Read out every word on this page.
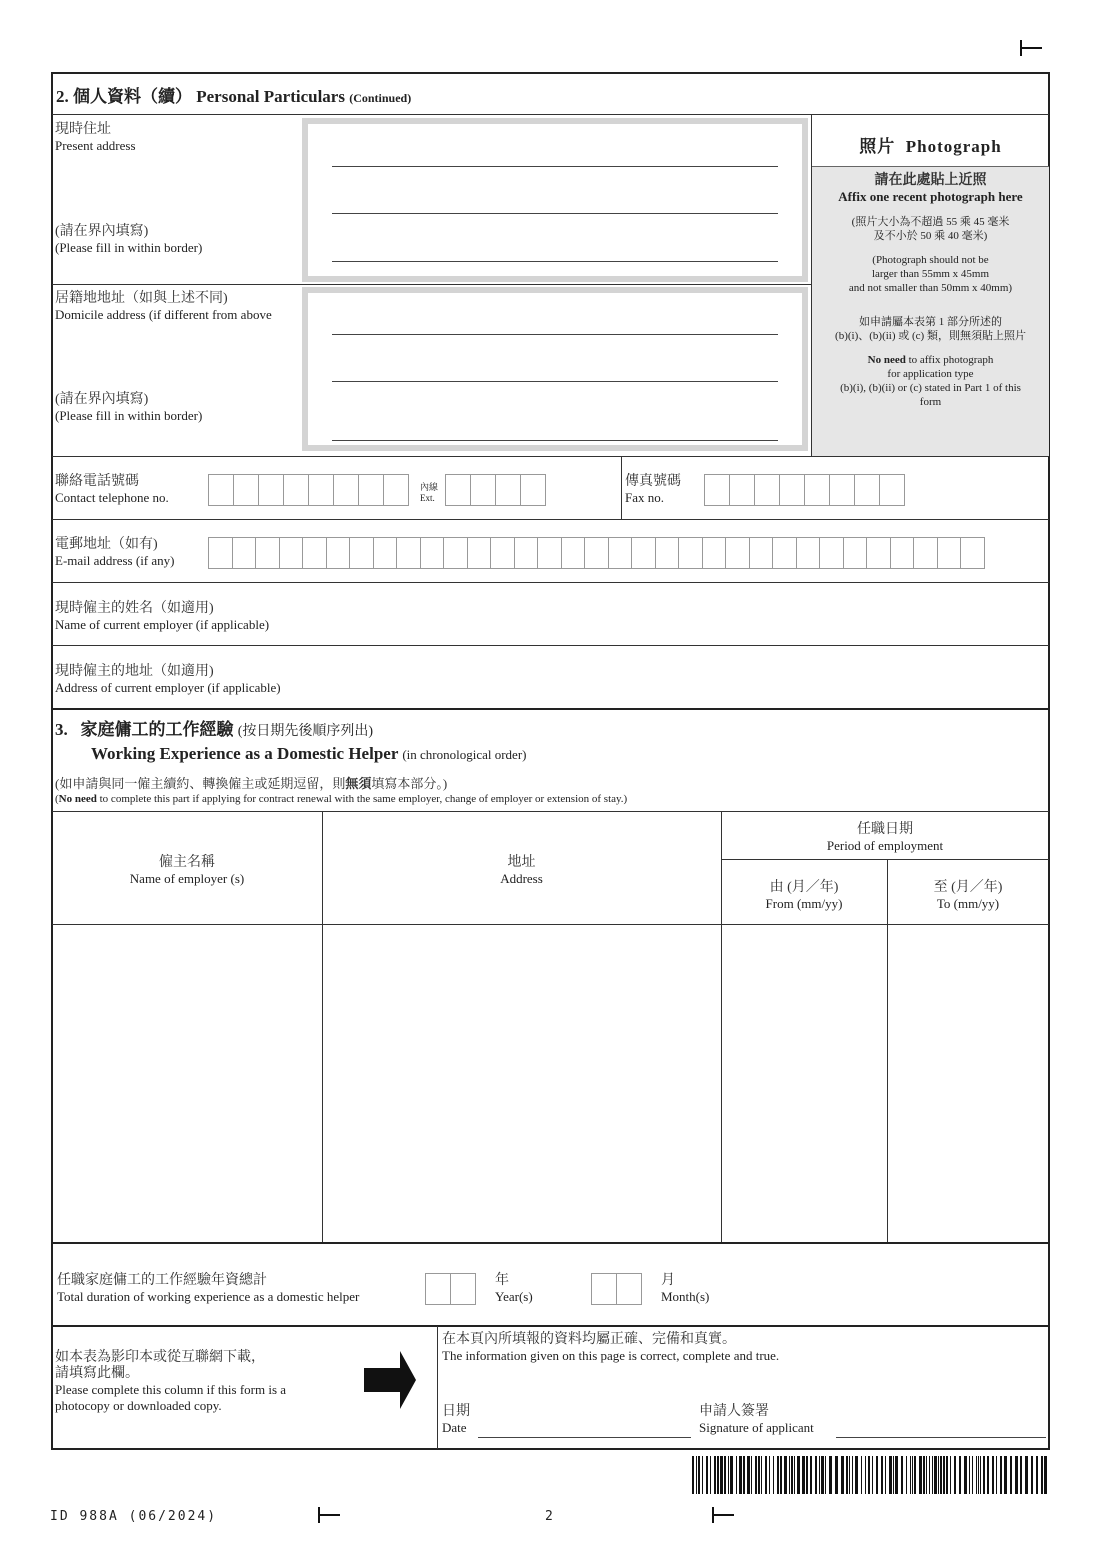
2. 個人資料（續） Personal Particulars (Continued)
現時住址
Present address
(請在界內填寫)
(Please fill in within border)
居籍地地址（如與上述不同)
Domicile address (if different from above
(請在界內填寫)
(Please fill in within border)
照片 Photograph
請在此處貼上近照
Affix one recent photograph here
(照片大小為不超過 55 乘 45 毫米
及不小於 50 乘 40 毫米)
(Photograph should not be
larger than 55mm x 45mm
and not smaller than 50mm x 40mm)
如申請屬本表第 1 部分所述的
(b)(i)、(b)(ii) 或 (c) 類，則無須貼上照片
No need to affix photograph
for application type
(b)(i), (b)(ii) or (c) stated in Part 1 of this
form
聯絡電話號碼
Contact telephone no.
內線
Ext.
傳真號碼
Fax no.
電郵地址（如有)
E-mail address (if any)
現時僱主的姓名（如適用)
Name of current employer (if applicable)
現時僱主的地址（如適用)
Address of current employer (if applicable)
3. 家庭傭工的工作經驗 (按日期先後順序列出)
Working Experience as a Domestic Helper (in chronological order)
(如申請與同一僱主續約、轉換僱主或延期逗留，則無須填寫本部分。)
(No need to complete this part if applying for contract renewal with the same employer, change of employer or extension of stay.)
僱主名稱
Name of employer (s)
地址
Address
任職日期
Period of employment
由 (月／年)
From (mm/yy)
至 (月／年)
To (mm/yy)
任職家庭傭工的工作經驗年資總計
Total duration of working experience as a domestic helper
年
Year(s)
月
Month(s)
如本表為影印本或從互聯網下載，
請填寫此欄。
Please complete this column if this form is a
photocopy or downloaded copy.
在本頁內所填報的資料均屬正確、完備和真實。
The information given on this page is correct, complete and true.
日期
Date
申請人簽署
Signature of applicant
ID 988A (06/2024)	2
